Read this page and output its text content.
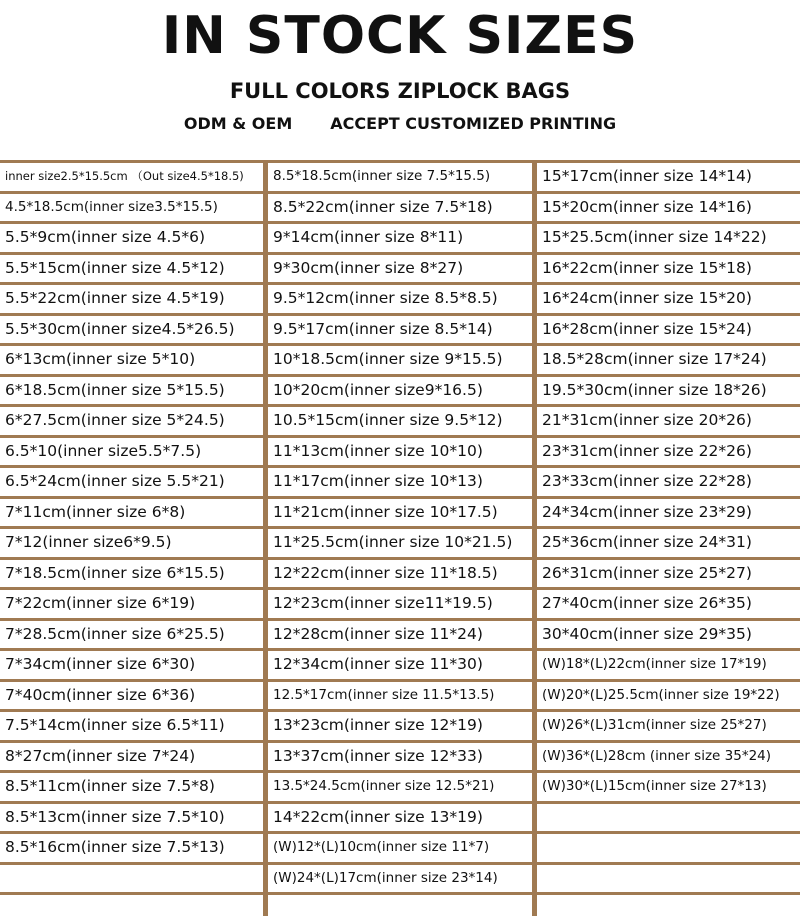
IN STOCK SIZES
FULL COLORS ZIPLOCK BAGS
ODM & OEM ACCEPT CUSTOMIZED PRINTING
inner size2.5*15.5cm （Out size4.5*18.5)
4.5*18.5cm(inner size3.5*15.5)
5.5*9cm(inner size 4.5*6)
5.5*15cm(inner size 4.5*12)
5.5*22cm(inner size 4.5*19)
5.5*30cm(inner size4.5*26.5)
6*13cm(inner size 5*10)
6*18.5cm(inner size 5*15.5)
6*27.5cm(inner size 5*24.5)
6.5*10(inner size5.5*7.5)
6.5*24cm(inner size 5.5*21)
7*11cm(inner size 6*8)
7*12(inner size6*9.5)
7*18.5cm(inner size 6*15.5)
7*22cm(inner size 6*19)
7*28.5cm(inner size 6*25.5)
7*34cm(inner size 6*30)
7*40cm(inner size 6*36)
7.5*14cm(inner size 6.5*11)
8*27cm(inner size 7*24)
8.5*11cm(inner size 7.5*8)
8.5*13cm(inner size 7.5*10)
8.5*16cm(inner size 7.5*13)
8.5*18.5cm(inner size 7.5*15.5)
8.5*22cm(inner size 7.5*18)
9*14cm(inner size 8*11)
9*30cm(inner size 8*27)
9.5*12cm(inner size 8.5*8.5)
9.5*17cm(inner size 8.5*14)
10*18.5cm(inner size 9*15.5)
10*20cm(inner size9*16.5)
10.5*15cm(inner size 9.5*12)
11*13cm(inner size 10*10)
11*17cm(inner size 10*13)
11*21cm(inner size 10*17.5)
11*25.5cm(inner size 10*21.5)
12*22cm(inner size 11*18.5)
12*23cm(inner size11*19.5)
12*28cm(inner size 11*24)
12*34cm(inner size 11*30)
12.5*17cm(inner size 11.5*13.5)
13*23cm(inner size 12*19)
13*37cm(inner size 12*33)
13.5*24.5cm(inner size 12.5*21)
14*22cm(inner size 13*19)
(W)12*(L)10cm(inner size 11*7)
(W)24*(L)17cm(inner size 23*14)
15*17cm(inner size 14*14)
15*20cm(inner size 14*16)
15*25.5cm(inner size 14*22)
16*22cm(inner size 15*18)
16*24cm(inner size 15*20)
16*28cm(inner size 15*24)
18.5*28cm(inner size 17*24)
19.5*30cm(inner size 18*26)
21*31cm(inner size 20*26)
23*31cm(inner size 22*26)
23*33cm(inner size 22*28)
24*34cm(inner size 23*29)
25*36cm(inner size 24*31)
26*31cm(inner size 25*27)
27*40cm(inner size 26*35)
30*40cm(inner size 29*35)
(W)18*(L)22cm(inner size 17*19)
(W)20*(L)25.5cm(inner size 19*22)
(W)26*(L)31cm(inner size 25*27)
(W)36*(L)28cm (inner size 35*24)
(W)30*(L)15cm(inner size 27*13)
